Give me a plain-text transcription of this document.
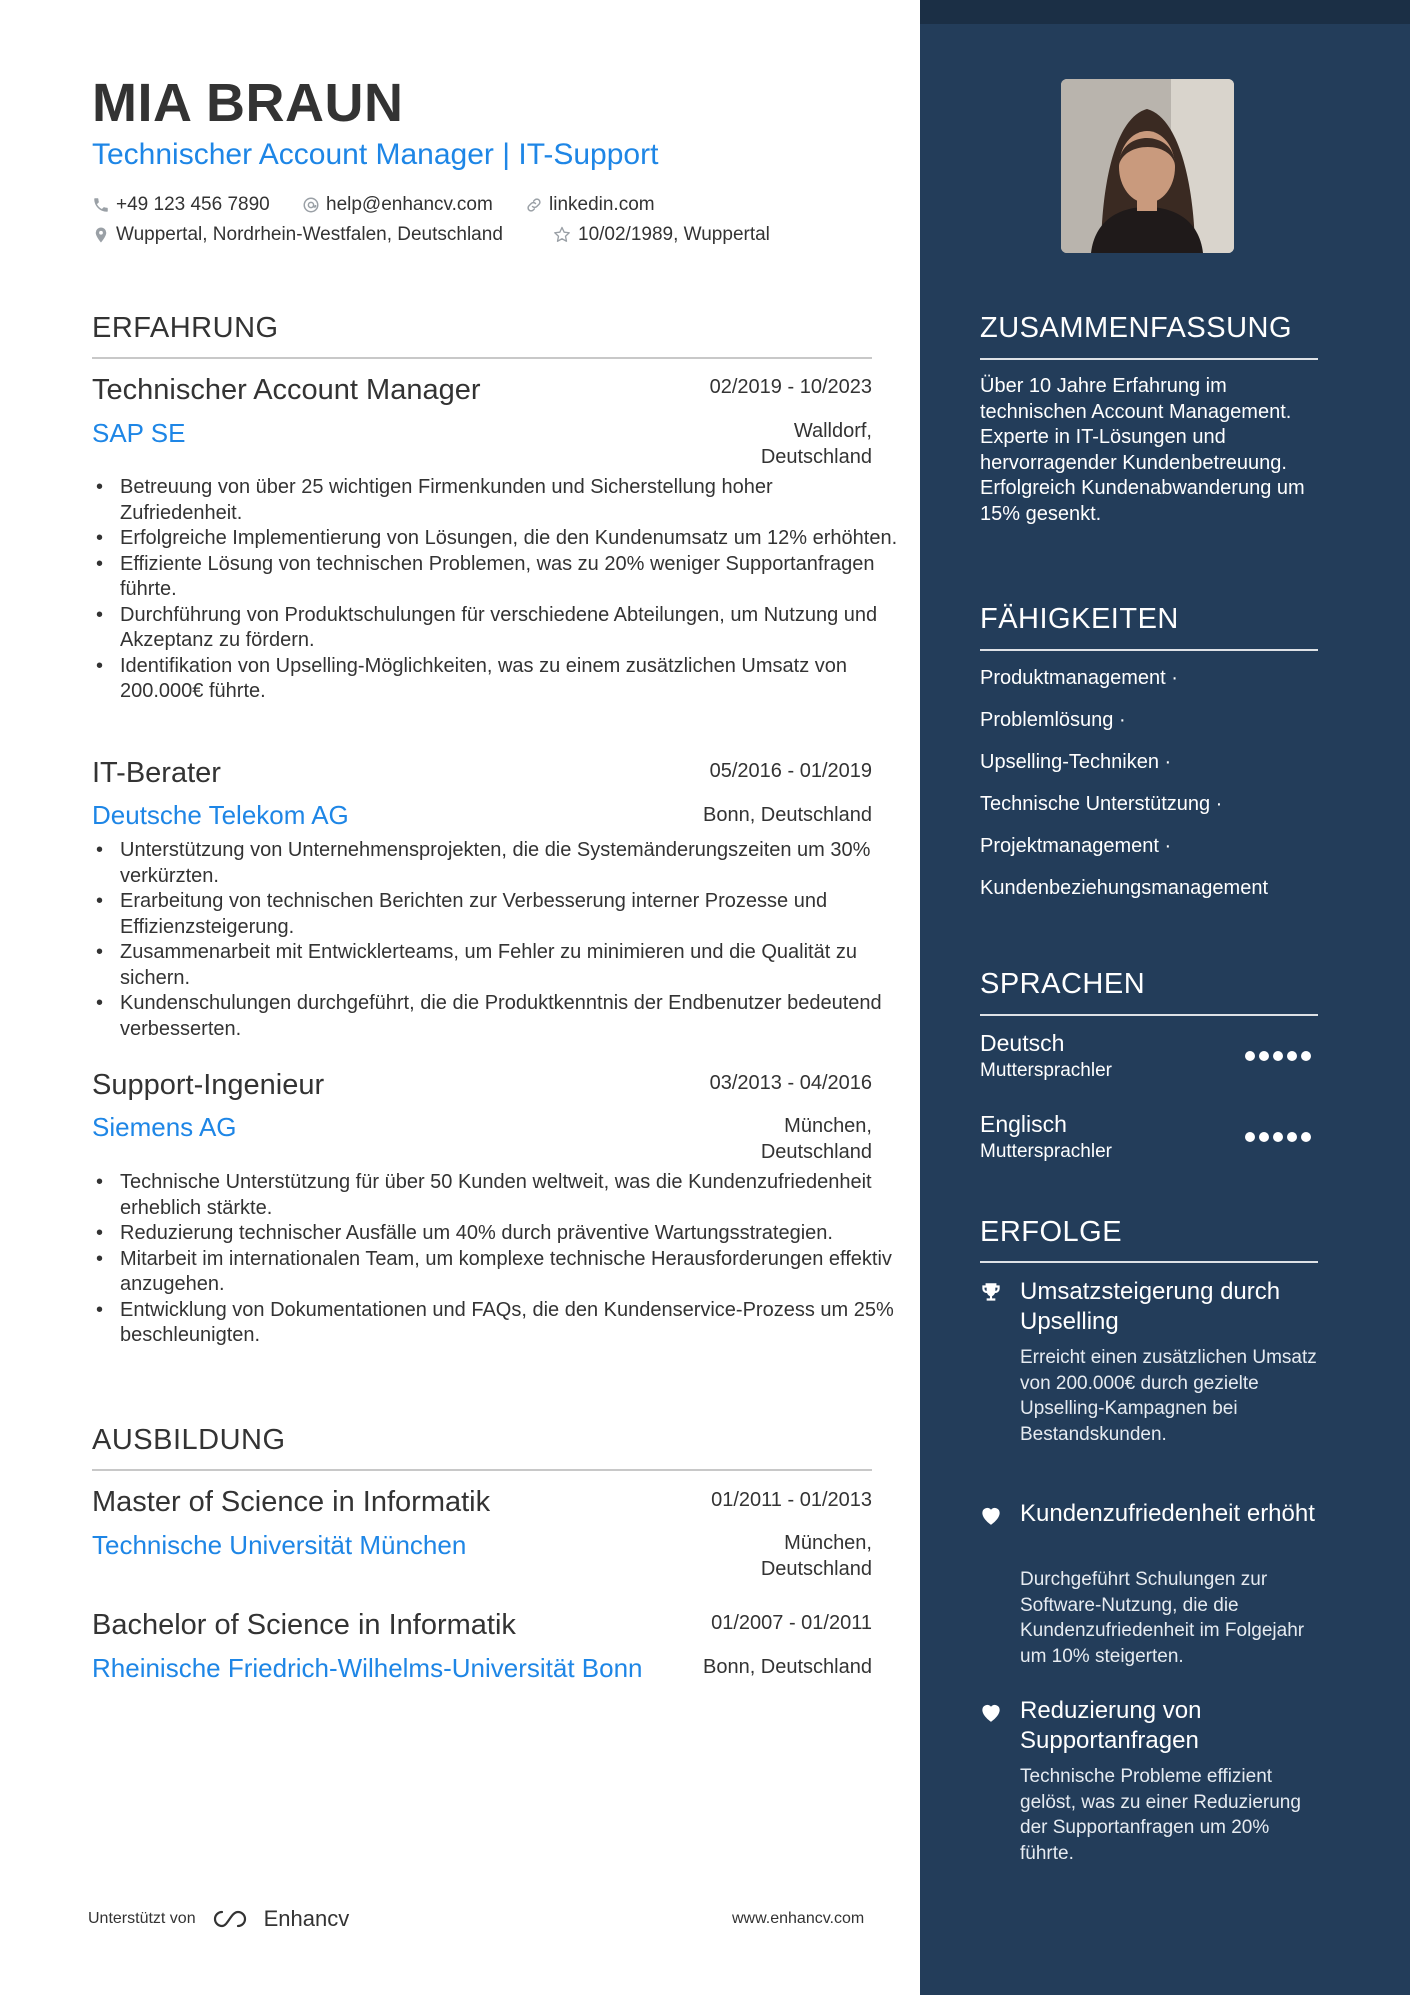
MIA BRAUN
Technischer Account Manager | IT-Support
+49 123 456 7890	help@enhancv.com	linkedin.com
Wuppertal, Nordrhein-Westfalen, Deutschland	10/02/1989, Wuppertal
ERFAHRUNG
Technischer Account Manager	02/2019 - 10/2023
SAP SE	Walldorf,
Deutschland
• Betreuung von über 25 wichtigen Firmenkunden und Sicherstellung hoher Zufriedenheit.
• Erfolgreiche Implementierung von Lösungen, die den Kundenumsatz um 12% erhöhten.
• Effiziente Lösung von technischen Problemen, was zu 20% weniger Supportanfragen führte.
• Durchführung von Produktschulungen für verschiedene Abteilungen, um Nutzung und Akzeptanz zu fördern.
• Identifikation von Upselling-Möglichkeiten, was zu einem zusätzlichen Umsatz von 200.000€ führte.
IT-Berater	05/2016 - 01/2019
Deutsche Telekom AG	Bonn, Deutschland
• Unterstützung von Unternehmensprojekten, die die Systemänderungszeiten um 30% verkürzten.
• Erarbeitung von technischen Berichten zur Verbesserung interner Prozesse und Effizienzsteigerung.
• Zusammenarbeit mit Entwicklerteams, um Fehler zu minimieren und die Qualität zu sichern.
• Kundenschulungen durchgeführt, die die Produktkenntnis der Endbenutzer bedeutend verbesserten.
Support-Ingenieur	03/2013 - 04/2016
Siemens AG	München,
Deutschland
• Technische Unterstützung für über 50 Kunden weltweit, was die Kundenzufriedenheit erheblich stärkte.
• Reduzierung technischer Ausfälle um 40% durch präventive Wartungsstrategien.
• Mitarbeit im internationalen Team, um komplexe technische Herausforderungen effektiv anzugehen.
• Entwicklung von Dokumentationen und FAQs, die den Kundenservice-Prozess um 25% beschleunigten.
AUSBILDUNG
Master of Science in Informatik	01/2011 - 01/2013
Technische Universität München	München,
Deutschland
Bachelor of Science in Informatik	01/2007 - 01/2011
Rheinische Friedrich-Wilhelms-Universität Bonn	Bonn, Deutschland
Unterstützt von	Enhancv	www.enhancv.com
ZUSAMMENFASSUNG
Über 10 Jahre Erfahrung im technischen Account Management. Experte in IT-Lösungen und hervorragender Kundenbetreuung. Erfolgreich Kundenabwanderung um 15% gesenkt.
FÄHIGKEITEN
Produktmanagement ·
Problemlösung ·
Upselling-Techniken ·
Technische Unterstützung ·
Projektmanagement ·
Kundenbeziehungsmanagement
SPRACHEN
Deutsch
Muttersprachler
Englisch
Muttersprachler
ERFOLGE
Umsatzsteigerung durch Upselling
Erreicht einen zusätzlichen Umsatz von 200.000€ durch gezielte Upselling-Kampagnen bei Bestandskunden.
Kundenzufriedenheit erhöht
Durchgeführt Schulungen zur Software-Nutzung, die die Kundenzufriedenheit im Folgejahr um 10% steigerten.
Reduzierung von Supportanfragen
Technische Probleme effizient gelöst, was zu einer Reduzierung der Supportanfragen um 20% führte.
